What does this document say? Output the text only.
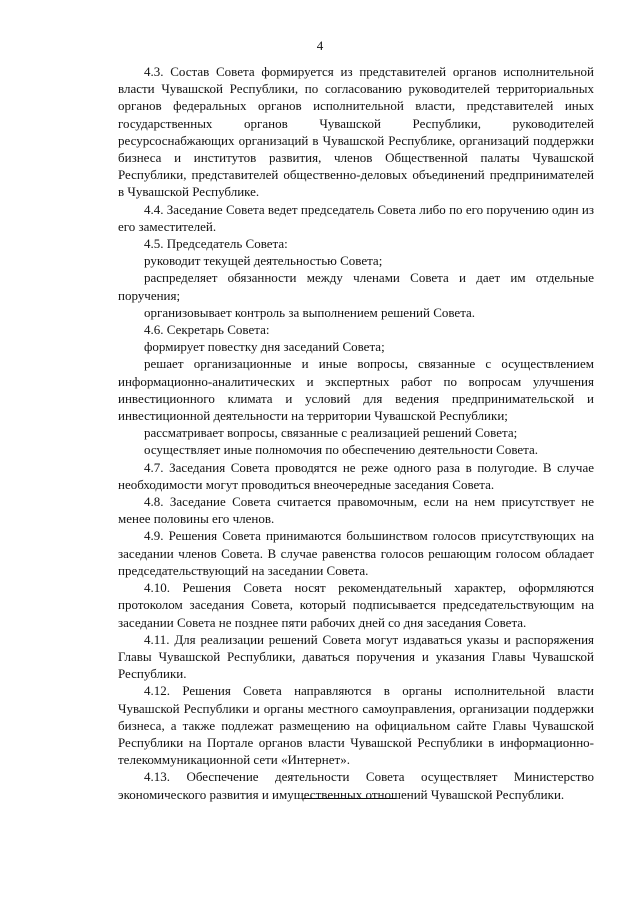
4

4.3. Состав Совета формируется из представителей органов исполнительной власти Чувашской Республики, по согласованию руководителей территориальных органов федеральных органов исполнительной власти, представителей иных государственных органов Чувашской Республики, руководителей ресурсоснабжающих организаций в Чувашской Республике, организаций поддержки бизнеса и институтов развития, членов Общественной палаты Чувашской Республики, представителей общественно-деловых объединений предпринимателей в Чувашской Республике.

4.4. Заседание Совета ведет председатель Совета либо по его поручению один из его заместителей.

4.5. Председатель Совета:

руководит текущей деятельностью Совета;

распределяет обязанности между членами Совета и дает им отдельные поручения;

организовывает контроль за выполнением решений Совета.

4.6. Секретарь Совета:

формирует повестку дня заседаний Совета;

решает организационные и иные вопросы, связанные с осуществлением информационно-аналитических и экспертных работ по вопросам улучшения инвестиционного климата и условий для ведения предпринимательской и инвестиционной деятельности на территории Чувашской Республики;

рассматривает вопросы, связанные с реализацией решений Совета;

осуществляет иные полномочия по обеспечению деятельности Совета.

4.7. Заседания Совета проводятся не реже одного раза в полугодие. В случае необходимости могут проводиться внеочередные заседания Совета.

4.8. Заседание Совета считается правомочным, если на нем присутствует не менее половины его членов.

4.9. Решения Совета принимаются большинством голосов присутствующих на заседании членов Совета. В случае равенства голосов решающим голосом обладает председательствующий на заседании Совета.

4.10. Решения Совета носят рекомендательный характер, оформляются протоколом заседания Совета, который подписывается председательствующим на заседании Совета не позднее пяти рабочих дней со дня заседания Совета.

4.11. Для реализации решений Совета могут издаваться указы и распоряжения Главы Чувашской Республики, даваться поручения и указания Главы Чувашской Республики.

4.12. Решения Совета направляются в органы исполнительной власти Чувашской Республики и органы местного самоуправления, организации поддержки бизнеса, а также подлежат размещению на официальном сайте Главы Чувашской Республики на Портале органов власти Чувашской Республики в информационно-телекоммуникационной сети «Интернет».

4.13. Обеспечение деятельности Совета осуществляет Министерство экономического развития и имущественных отношений Чувашской Республики.
